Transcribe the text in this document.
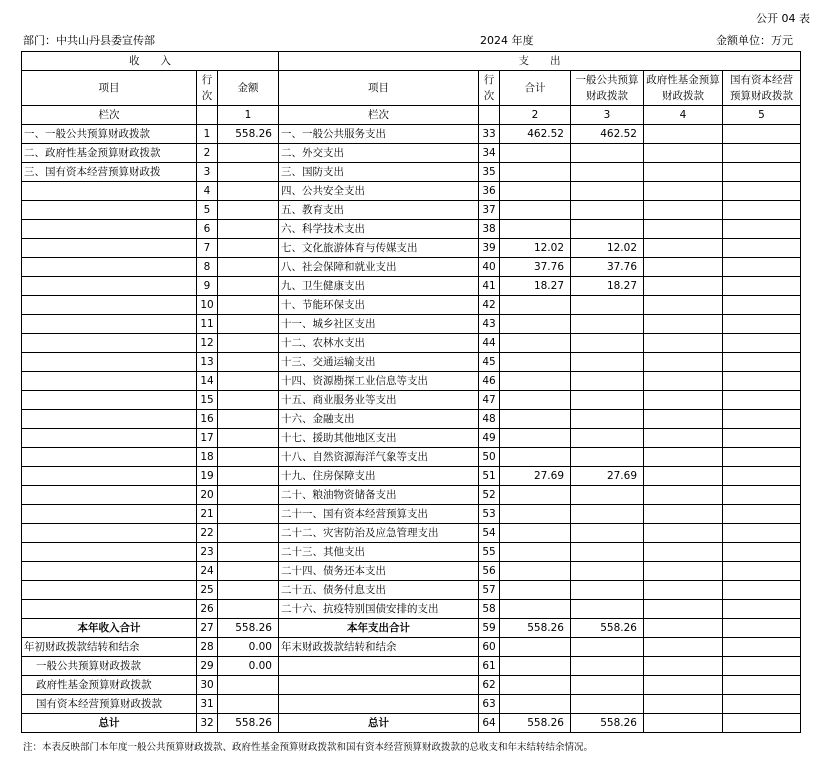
公开 04 表
部门：中共山丹县委宣传部	2024 年度	金额单位：万元
收　　入			支　　出					
项目	行次	金额	项目	行次	合计	一般公共预算财政拨款	政府性基金预算财政拨款	国有资本经营预算财政拨款
栏次		1	栏次		2	3	4	5
一、一般公共预算财政拨款	1	558.26	一、一般公共服务支出	33	462.52	462.52		
二、政府性基金预算财政拨款	2		二、外交支出	34				
三、国有资本经营预算财政拨	3		三、国防支出	35				
	4		四、公共安全支出	36				
	5		五、教育支出	37				
	6		六、科学技术支出	38				
	7		七、文化旅游体育与传媒支出	39	12.02	12.02		
	8		八、社会保障和就业支出	40	37.76	37.76		
	9		九、卫生健康支出	41	18.27	18.27		
	10		十、节能环保支出	42				
	11		十一、城乡社区支出	43				
	12		十二、农林水支出	44				
	13		十三、交通运输支出	45				
	14		十四、资源勘探工业信息等支出	46				
	15		十五、商业服务业等支出	47				
	16		十六、金融支出	48				
	17		十七、援助其他地区支出	49				
	18		十八、自然资源海洋气象等支出	50				
	19		十九、住房保障支出	51	27.69	27.69		
	20		二十、粮油物资储备支出	52				
	21		二十一、国有资本经营预算支出	53				
	22		二十二、灾害防治及应急管理支出	54				
	23		二十三、其他支出	55				
	24		二十四、债务还本支出	56				
	25		二十五、债务付息支出	57				
	26		二十六、抗疫特别国债安排的支出	58				
本年收入合计	27	558.26	本年支出合计	59	558.26	558.26		
年初财政拨款结转和结余	28	0.00	年末财政拨款结转和结余	60				
一般公共预算财政拨款	29	0.00		61				
政府性基金预算财政拨款	30			62				
国有资本经营预算财政拨款	31			63				
总计	32	558.26	总计	64	558.26	558.26		
注：本表反映部门本年度一般公共预算财政拨款、政府性基金预算财政拨款和国有资本经营预算财政拨款的总收支和年末结转结余情况。
